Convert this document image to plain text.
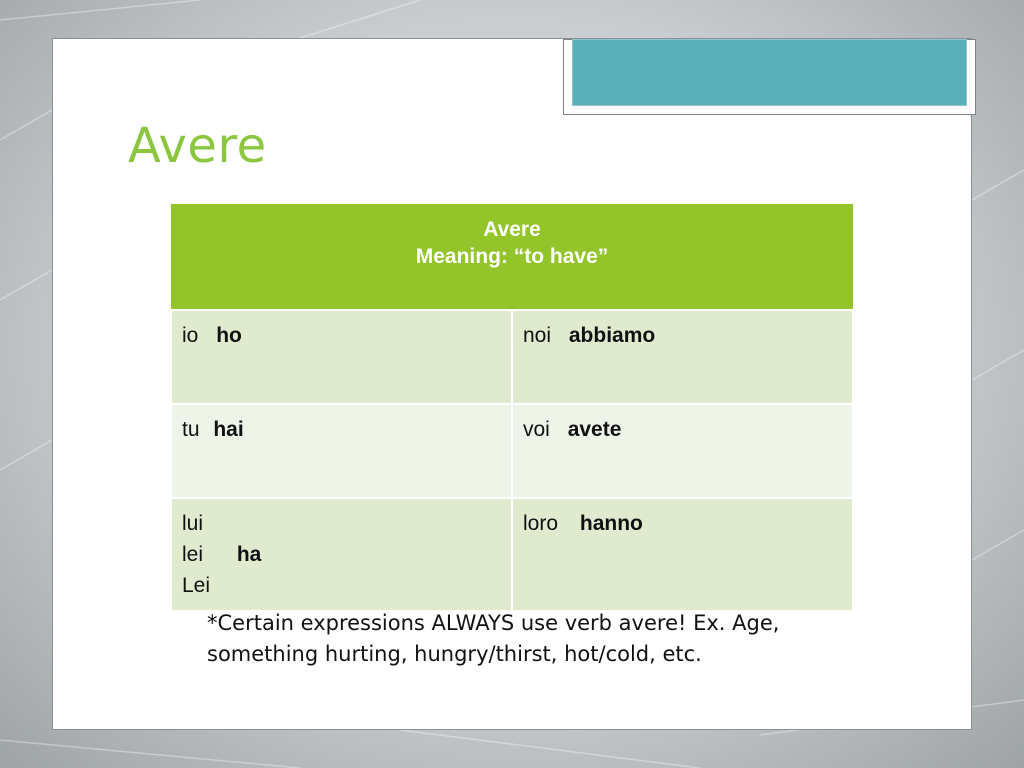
Avere
Avere
Meaning: “to have”	
io ho	noi abbiamo
tu hai	voi avete
lui
lei ha
Lei	loro hanno
*Certain expressions ALWAYS use verb avere! Ex. Age, something hurting, hungry/thirst, hot/cold, etc.
